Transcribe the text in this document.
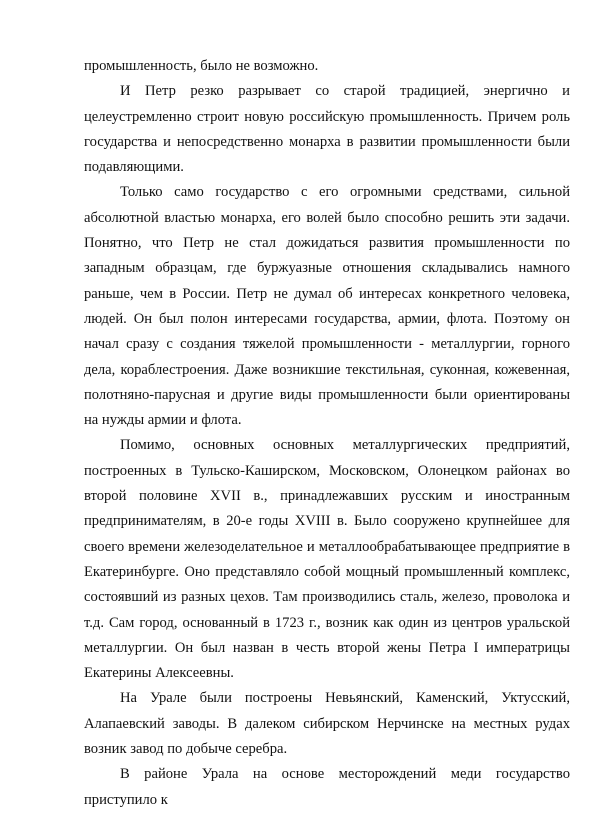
промышленность, было не возможно.

И Петр резко разрывает со старой традицией, энергично и целеустремленно строит новую российскую промышленность. Причем роль государства и непосредственно монарха в развитии промышленности были подавляющими.

Только само государство с его огромными средствами, сильной абсолютной властью монарха, его волей было способно решить эти задачи. Понятно, что Петр не стал дожидаться развития промышленности по западным образцам, где буржуазные отношения складывались намного раньше, чем в России. Петр не думал об интересах конкретного человека, людей. Он был полон интересами государства, армии, флота. Поэтому он начал сразу с создания тяжелой промышленности - металлургии, горного дела, кораблестроения. Даже возникшие текстильная, суконная, кожевенная, полотняно-парусная и другие виды промышленности были ориентированы на нужды армии и флота.

Помимо, основных основных металлургических предприятий, построенных в Тульско-Каширском, Московском, Олонецком районах во второй половине XVII в., принадлежавших русским и иностранным предпринимателям, в 20-е годы XVIII в. Было сооружено крупнейшее для своего времени железоделательное и металлообрабатывающее предприятие в Екатеринбурге. Оно представляло собой мощный промышленный комплекс, состоявший из разных цехов. Там производились сталь, железо, проволока и т.д. Сам город, основанный в 1723 г., возник как один из центров уральской металлургии. Он был назван в честь второй жены Петра I императрицы Екатерины Алексеевны.

На Урале были построены Невьянский, Каменский, Уктусский, Алапаевский заводы. В далеком сибирском Нерчинске на местных рудах возник завод по добыче серебра.

В районе Урала на основе месторождений меди государство приступило к
